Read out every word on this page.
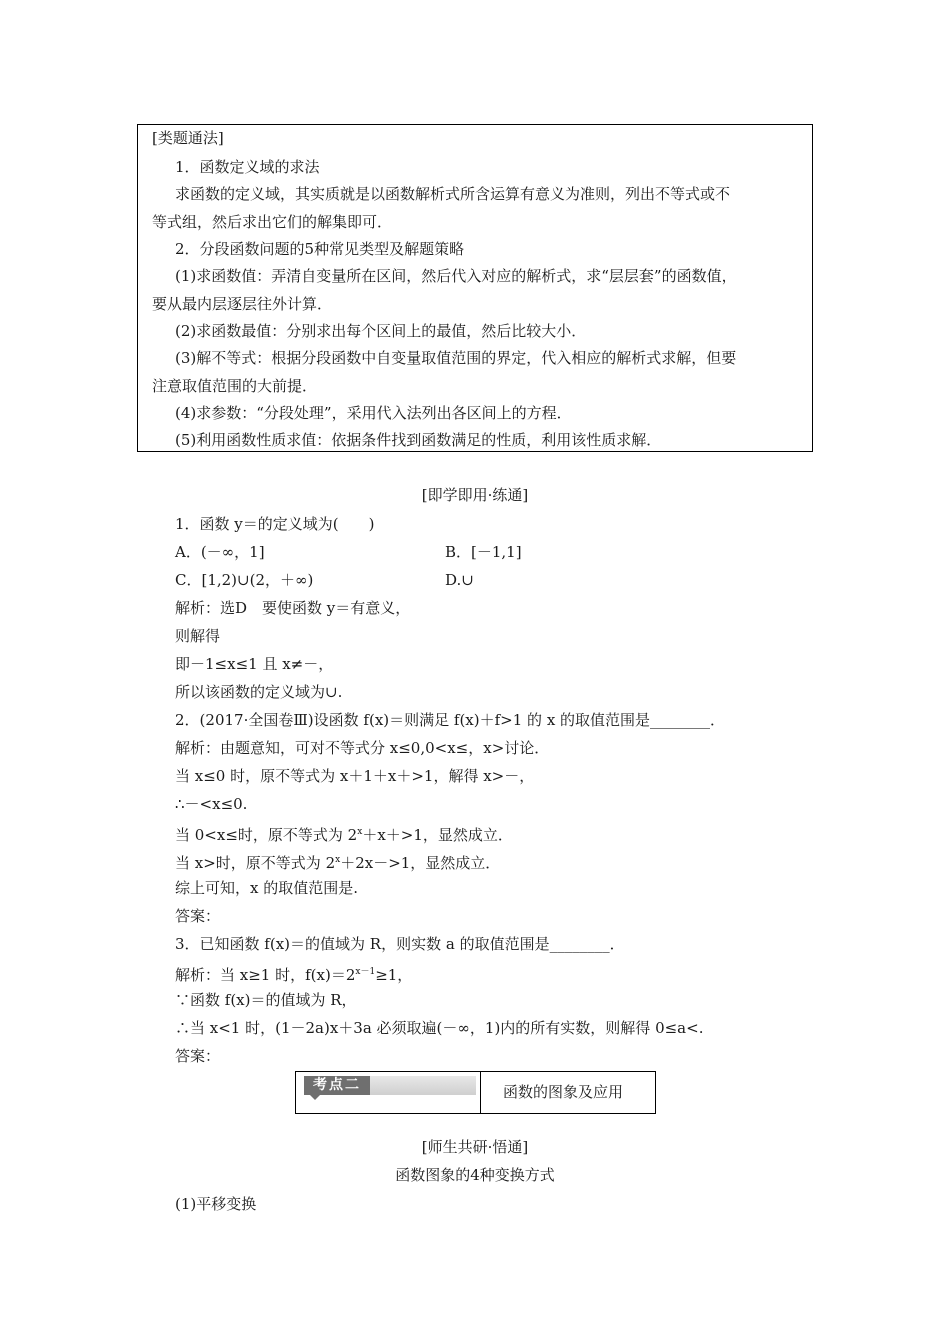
[类题通法]
1．函数定义域的求法
求函数的定义域，其实质就是以函数解析式所含运算有意义为准则，列出不等式或不
等式组，然后求出它们的解集即可．
2．分段函数问题的5种常见类型及解题策略
(1)求函数值：弄清自变量所在区间，然后代入对应的解析式，求“层层套”的函数值，
要从最内层逐层往外计算．
(2)求函数最值：分别求出每个区间上的最值，然后比较大小．
(3)解不等式：根据分段函数中自变量取值范围的界定，代入相应的解析式求解，但要
注意取值范围的大前提．
(4)求参数：“分段处理”，采用代入法列出各区间上的方程．
(5)利用函数性质求值：依据条件找到函数满足的性质，利用该性质求解．
[即学即用·练通]
1．函数 y＝的定义域为(　　)
A．(－∞，1]	B．[－1,1]
C．[1,2)∪(2，＋∞)	D.∪
解析：选D　要使函数 y＝有意义，
则解得
即－1≤x≤1 且 x≠－，
所以该函数的定义域为∪.
2．(2017·全国卷Ⅲ)设函数 f(x)＝则满足 f(x)＋f>1 的 x 的取值范围是________．
解析：由题意知，可对不等式分 x≤0,0<x≤，x>讨论．
当 x≤0 时，原不等式为 x＋1＋x＋>1，解得 x>－，
∴－<x≤0.
当 0<x≤时，原不等式为 $2^x+x+>1$，显然成立．
当 x>时，原不等式为 $2^x+2x->1$，显然成立．
综上可知，x 的取值范围是.
答案：
3．已知函数 f(x)＝的值域为 R，则实数 a 的取值范围是________．
解析：当 x≥1 时，$f(x)=2^{x-1}\ge 1$，
∵函数 f(x)＝的值域为 R，
∴当 x<1 时，(1－2a)x＋3a 必须取遍(－∞，1)内的所有实数，则解得 0≤a<.
答案：
考点二	函数的图象及应用
[师生共研·悟通]
函数图象的4种变换方式
(1)平移变换
